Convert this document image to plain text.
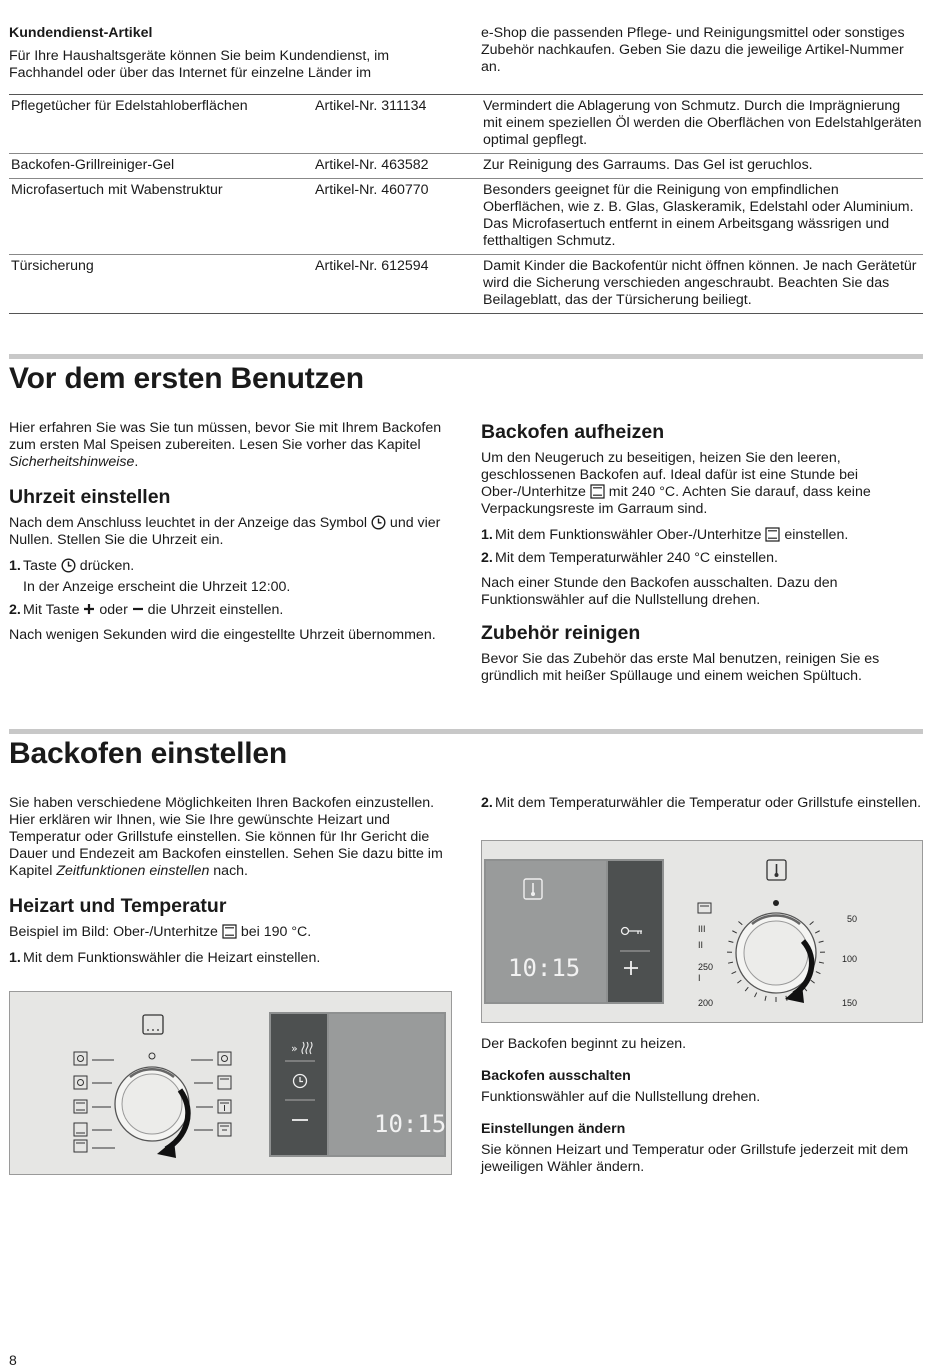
Kundendienst-Artikel
Für Ihre Haushaltsgeräte können Sie beim Kundendienst, im Fachhandel oder über das Internet für einzelne Länder im
e-Shop die passenden Pflege- und Reinigungsmittel oder sonstiges Zubehör nachkaufen. Geben Sie dazu die jeweilige Artikel-Nummer an.
Pflegetücher für Edelstahloberflächen	Artikel-Nr. 311134	Vermindert die Ablagerung von Schmutz. Durch die Imprägnierung mit einem speziellen Öl werden die Oberflächen von Edelstahlgeräten optimal gepflegt.
Backofen-Grillreiniger-Gel	Artikel-Nr. 463582	Zur Reinigung des Garraums. Das Gel ist geruchlos.
Microfasertuch mit Wabenstruktur	Artikel-Nr. 460770	Besonders geeignet für die Reinigung von empfindlichen Oberflächen, wie z. B. Glas, Glaskeramik, Edelstahl oder Aluminium. Das Microfasertuch entfernt in einem Arbeitsgang wässrigen und fetthaltigen Schmutz.
Türsicherung	Artikel-Nr. 612594	Damit Kinder die Backofentür nicht öffnen können. Je nach Gerätetür wird die Sicherung verschieden angeschraubt. Beachten Sie das Beilageblatt, das der Türsicherung beiliegt.
Vor dem ersten Benutzen

Hier erfahren Sie was Sie tun müssen, bevor Sie mit Ihrem Backofen zum ersten Mal Speisen zubereiten. Lesen Sie vorher das Kapitel Sicherheitshinweise.

Uhrzeit einstellen

Nach dem Anschluss leuchtet in der Anzeige das Symbol  und vier Nullen. Stellen Sie die Uhrzeit ein.

1. Taste  drücken.
In der Anzeige erscheint die Uhrzeit 12:00.
2. Mit Taste  oder  die Uhrzeit einstellen.

Nach wenigen Sekunden wird die eingestellte Uhrzeit übernommen.

Backofen aufheizen

Um den Neugeruch zu beseitigen, heizen Sie den leeren, geschlossenen Backofen auf. Ideal dafür ist eine Stunde bei Ober-/Unterhitze  mit 240 °C. Achten Sie darauf, dass keine Verpackungsreste im Garraum sind.

1. Mit dem Funktionswähler Ober-/Unterhitze  einstellen.
2. Mit dem Temperaturwähler 240 °C einstellen.

Nach einer Stunde den Backofen ausschalten. Dazu den Funktionswähler auf die Nullstellung drehen.

Zubehör reinigen

Bevor Sie das Zubehör das erste Mal benutzen, reinigen Sie es gründlich mit heißer Spüllauge und einem weichen Spültuch.

Backofen einstellen

Sie haben verschiedene Möglichkeiten Ihren Backofen einzustellen. Hier erklären wir Ihnen, wie Sie Ihre gewünschte Heizart und Temperatur oder Grillstufe einstellen. Sie können für Ihr Gericht die Dauer und Endezeit am Backofen einstellen. Sehen Sie dazu bitte im Kapitel Zeitfunktionen einstellen nach.

Heizart und Temperatur

Beispiel im Bild: Ober-/Unterhitze  bei 190 °C.

1. Mit dem Funktionswähler die Heizart einstellen.
»
10:15
2. Mit dem Temperaturwähler die Temperatur oder Grillstufe einstellen.
10:15
III
II
250
I
200
50
100
150

Der Backofen beginnt zu heizen.

Backofen ausschalten

Funktionswähler auf die Nullstellung drehen.

Einstellungen ändern

Sie können Heizart und Temperatur oder Grillstufe jederzeit mit dem jeweiligen Wähler ändern.

8
